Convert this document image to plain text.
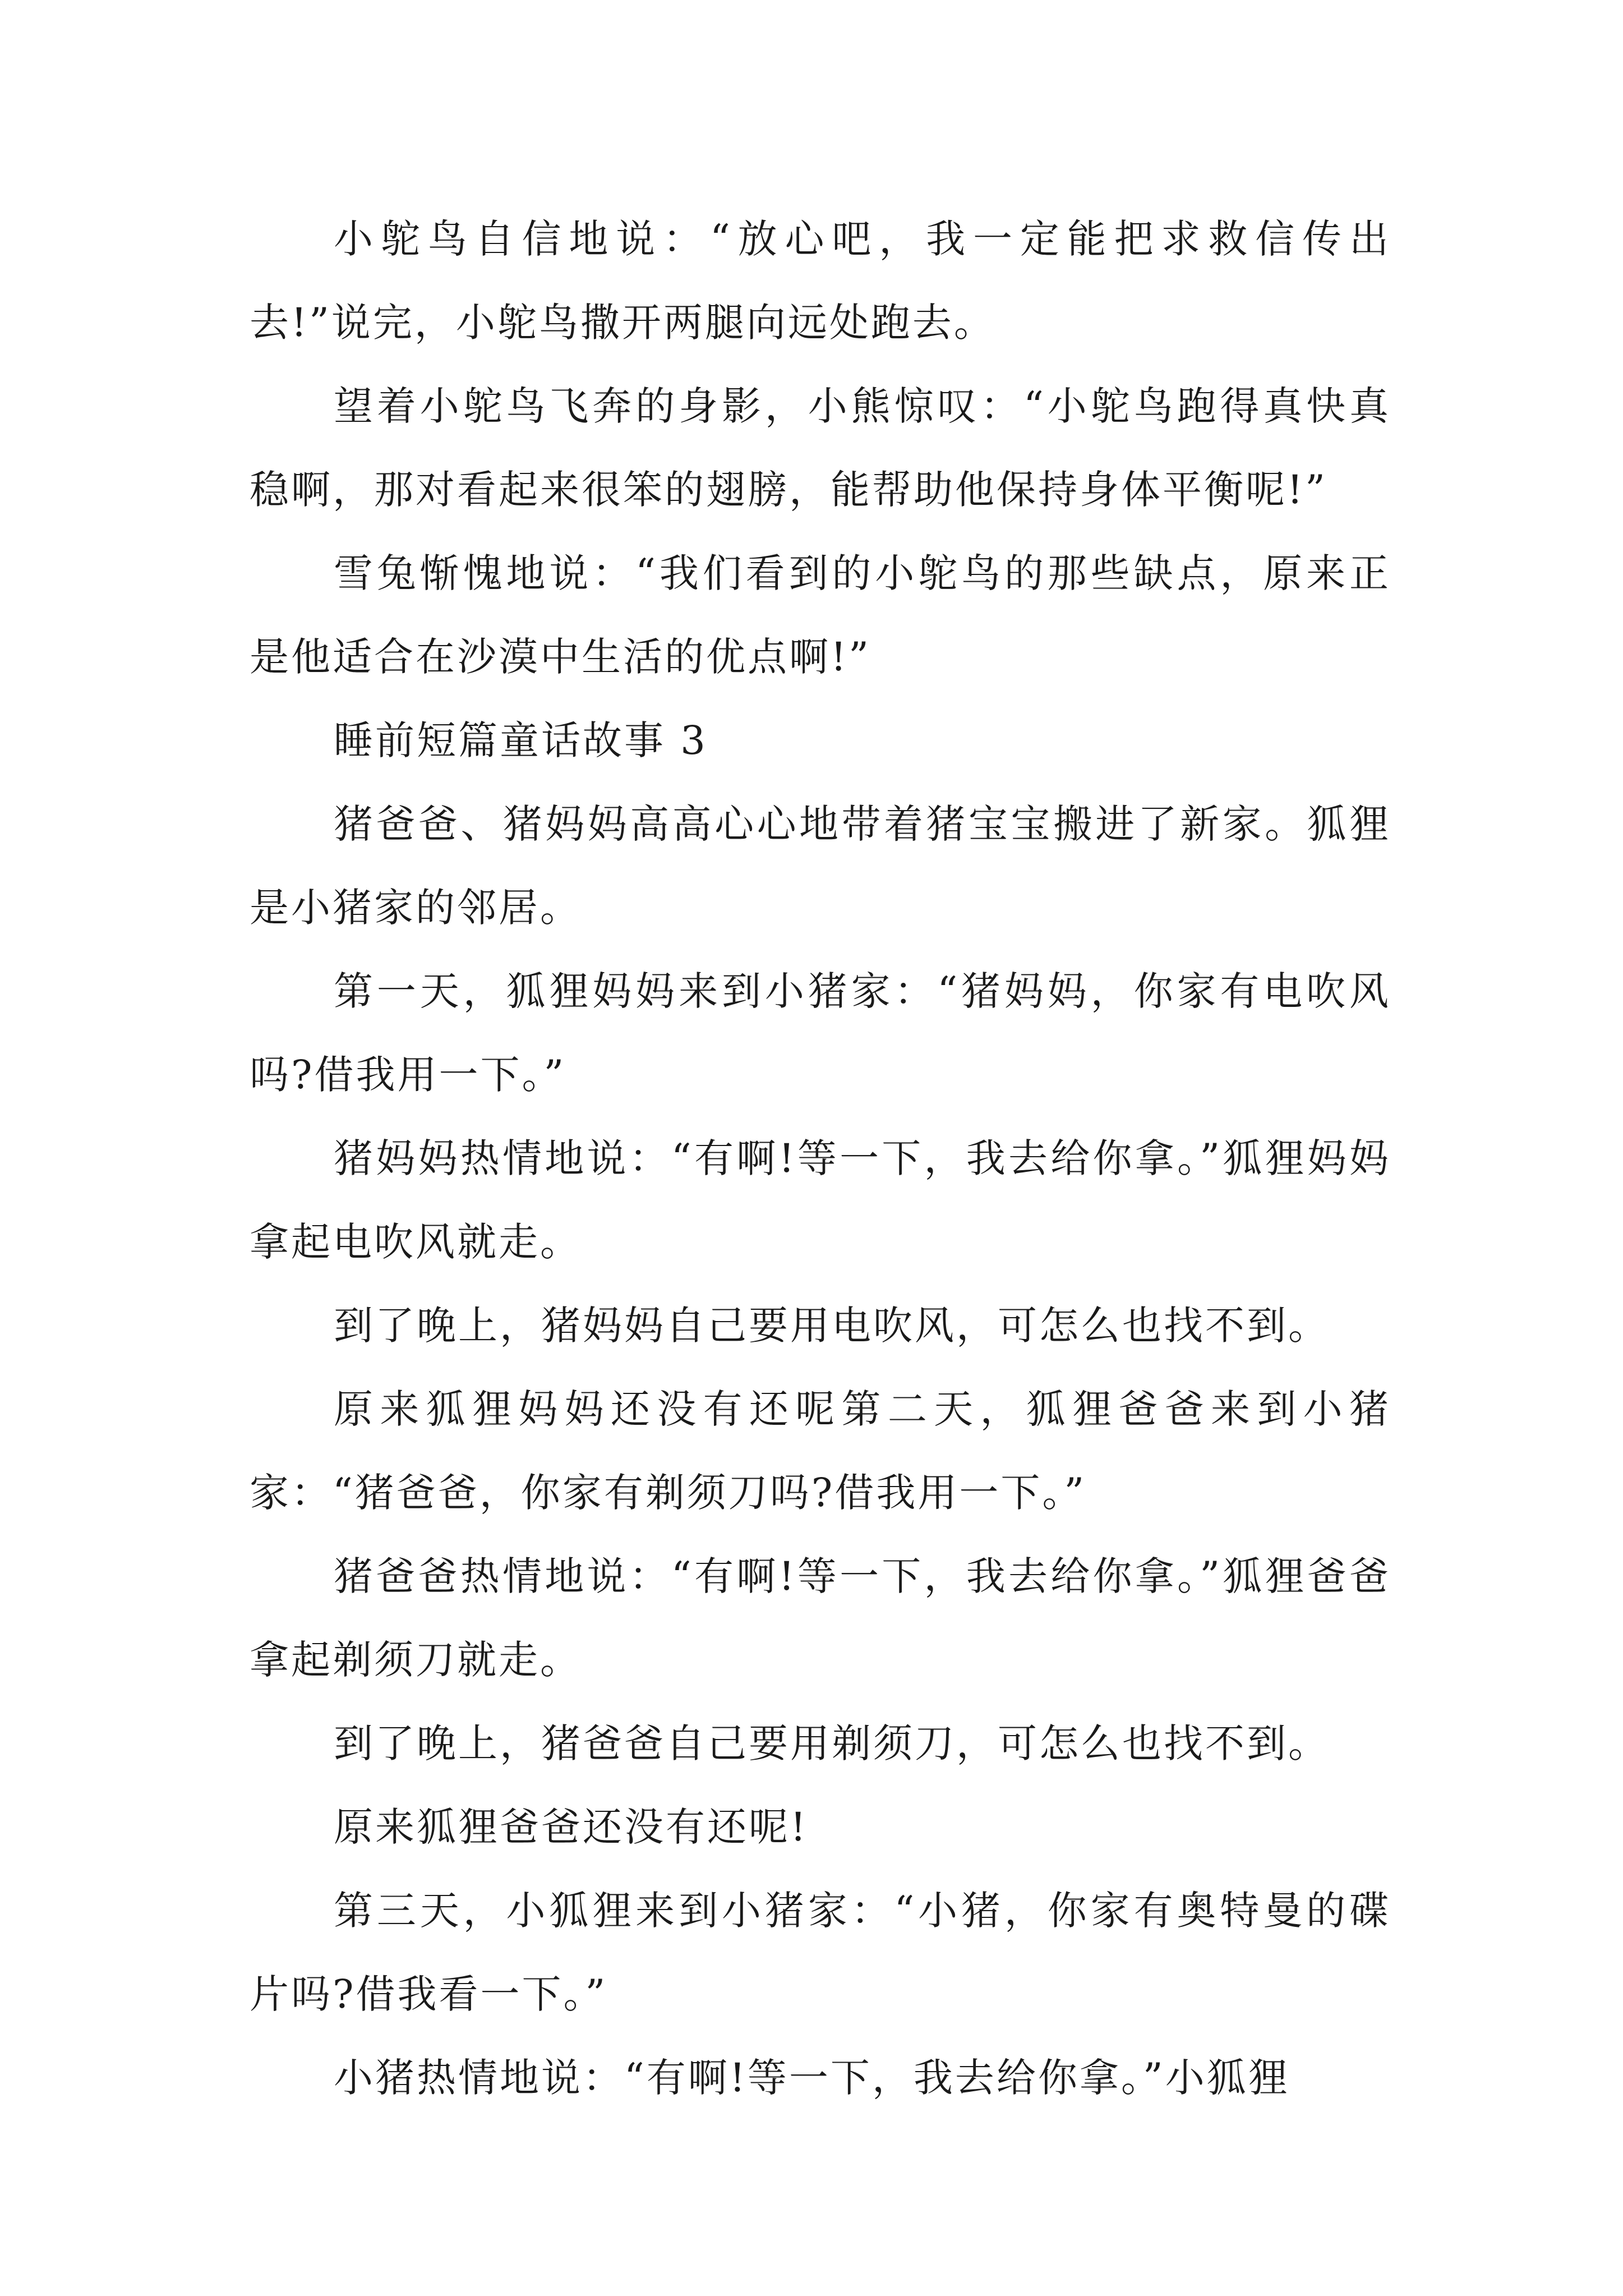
小鸵鸟自信地说：“放心吧，我一定能把求救信传出去!”说完，小鸵鸟撒开两腿向远处跑去。

望着小鸵鸟飞奔的身影，小熊惊叹：“小鸵鸟跑得真快真稳啊，那对看起来很笨的翅膀，能帮助他保持身体平衡呢!”

雪兔惭愧地说：“我们看到的小鸵鸟的那些缺点，原来正是他适合在沙漠中生活的优点啊!”

睡前短篇童话故事 3

猪爸爸、猪妈妈高高心心地带着猪宝宝搬进了新家。狐狸是小猪家的邻居。

第一天，狐狸妈妈来到小猪家：“猪妈妈，你家有电吹风吗?借我用一下。”

猪妈妈热情地说：“有啊!等一下，我去给你拿。”狐狸妈妈拿起电吹风就走。

到了晚上，猪妈妈自己要用电吹风，可怎么也找不到。

原来狐狸妈妈还没有还呢第二天，狐狸爸爸来到小猪家：“猪爸爸，你家有剃须刀吗?借我用一下。”

猪爸爸热情地说：“有啊!等一下，我去给你拿。”狐狸爸爸拿起剃须刀就走。

到了晚上，猪爸爸自己要用剃须刀，可怎么也找不到。

原来狐狸爸爸还没有还呢!

第三天，小狐狸来到小猪家：“小猪，你家有奥特曼的碟片吗?借我看一下。”

小猪热情地说：“有啊!等一下，我去给你拿。”小狐狸
